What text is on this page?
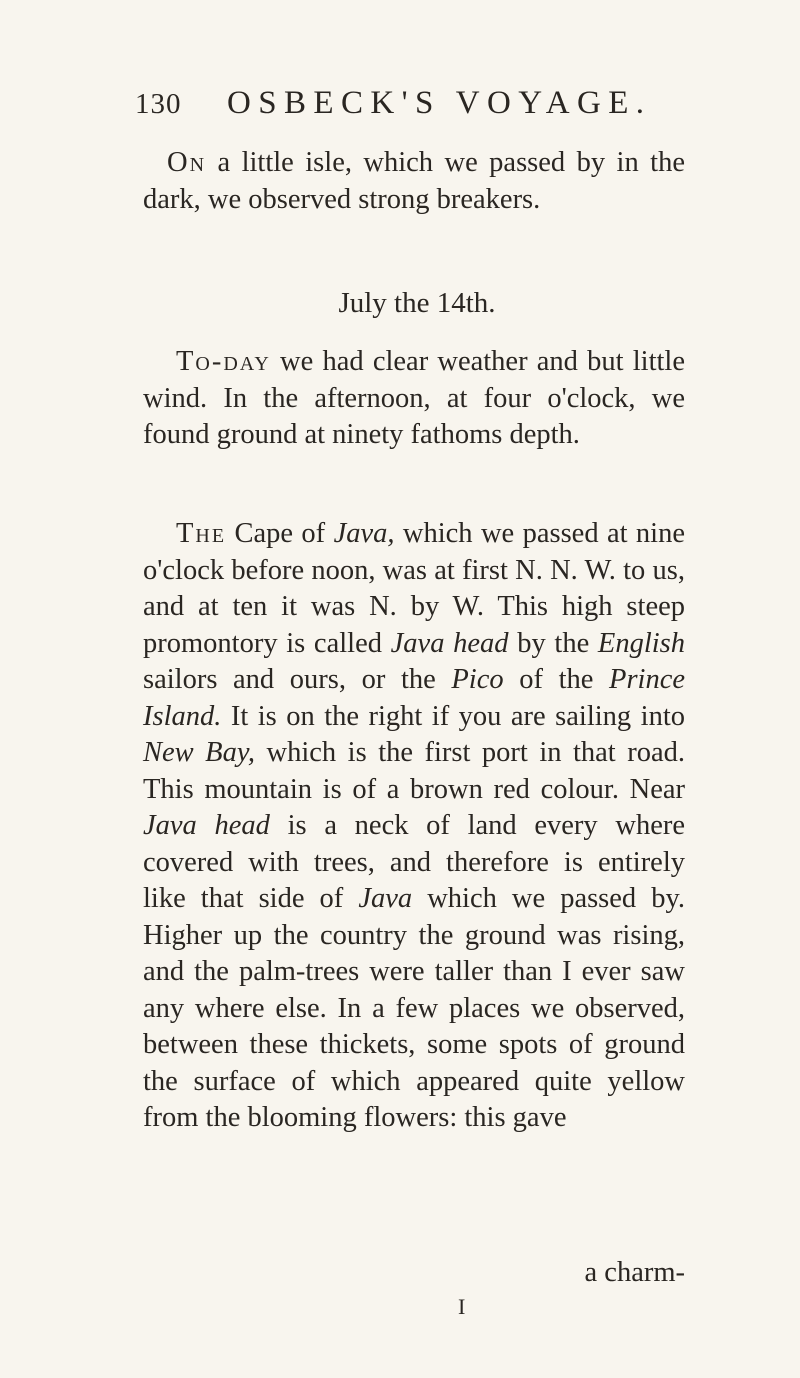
130 OSBECK'S VOYAGE.

On a little isle, which we passed by in the dark, we observed strong breakers.

July the 14th.

To-day we had clear weather and but little wind. In the afternoon, at four o'clock, we found ground at ninety fathoms depth.

The Cape of Java, which we passed at nine o'clock before noon, was at first N. N. W. to us, and at ten it was N. by W. This high steep promontory is called Java head by the English sailors and ours, or the Pico of the Prince Island. It is on the right if you are sailing into New Bay, which is the first port in that road. This mountain is of a brown red colour. Near Java head is a neck of land every where covered with trees, and therefore is entirely like that side of Java which we passed by. Higher up the country the ground was rising, and the palm-trees were taller than I ever saw any where else. In a few places we observed, between these thickets, some spots of ground the surface of which appeared quite yellow from the blooming flowers: this gave

a charm-
I
